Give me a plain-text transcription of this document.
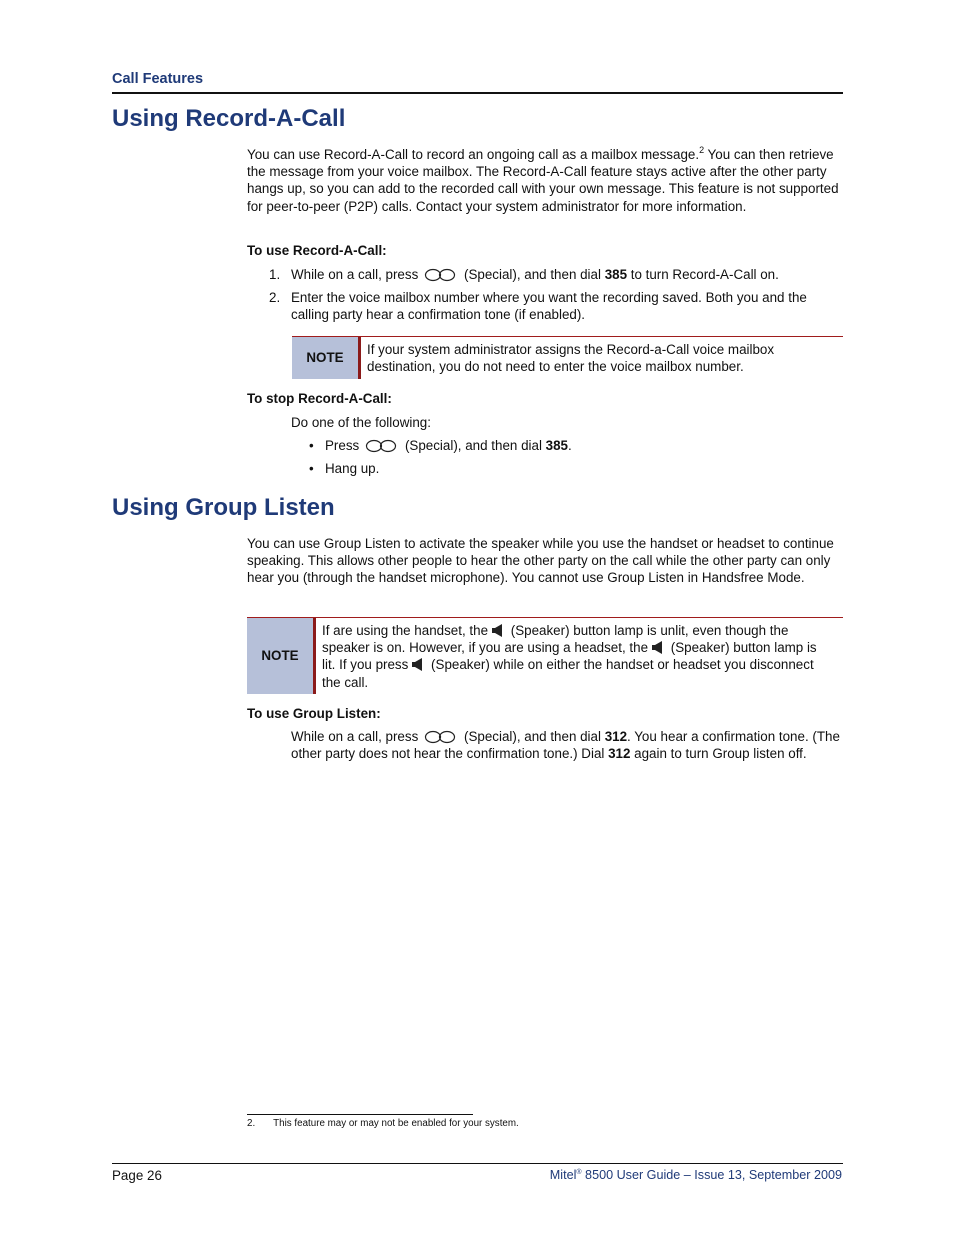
Call Features
Using Record-A-Call

You can use Record-A-Call to record an ongoing call as a mailbox message.$^2$ You can then retrieve the message from your voice mailbox. The Record-A-Call feature stays active after the other party hangs up, so you can add to the recorded call with your own message. This feature is not supported for peer-to-peer (P2P) calls. Contact your system administrator for more information.

To use Record-A-Call:
1. While on a call, press	(Special), and then dial 385 to turn Record-A-Call on.

2. Enter the voice mailbox number where you want the recording saved. Both you and the calling party hear a confirmation tone (if enabled).

NOTE
If your system administrator assigns the Record-a-Call voice mailbox destination, you do not need to enter the voice mailbox number.
To stop Record-A-Call:
Do one of the following:
• Press	(Special), and then dial 385.

• Hang up.

Using Group Listen

You can use Group Listen to activate the speaker while you use the handset or headset to continue speaking. This allows other people to hear the other party on the call while the other party can only hear you (through the handset microphone). You cannot use Group Listen in Handsfree Mode.

NOTE
If are using the handset, the (Speaker) button lamp is unlit, even though the speaker is on. However, if you are using a headset, the (Speaker) button lamp is lit. If you press (Speaker) while on either the handset or headset you disconnect the call.
To use Group Listen:

While on a call, press	(Special), and then dial 312. You hear a confirmation tone. (The other party does not hear the confirmation tone.) Dial 312 again to turn Group listen off.

2. This feature may or may not be enabled for your system.
Page 26	Mitel® 8500 User Guide – Issue 13, September 2009
